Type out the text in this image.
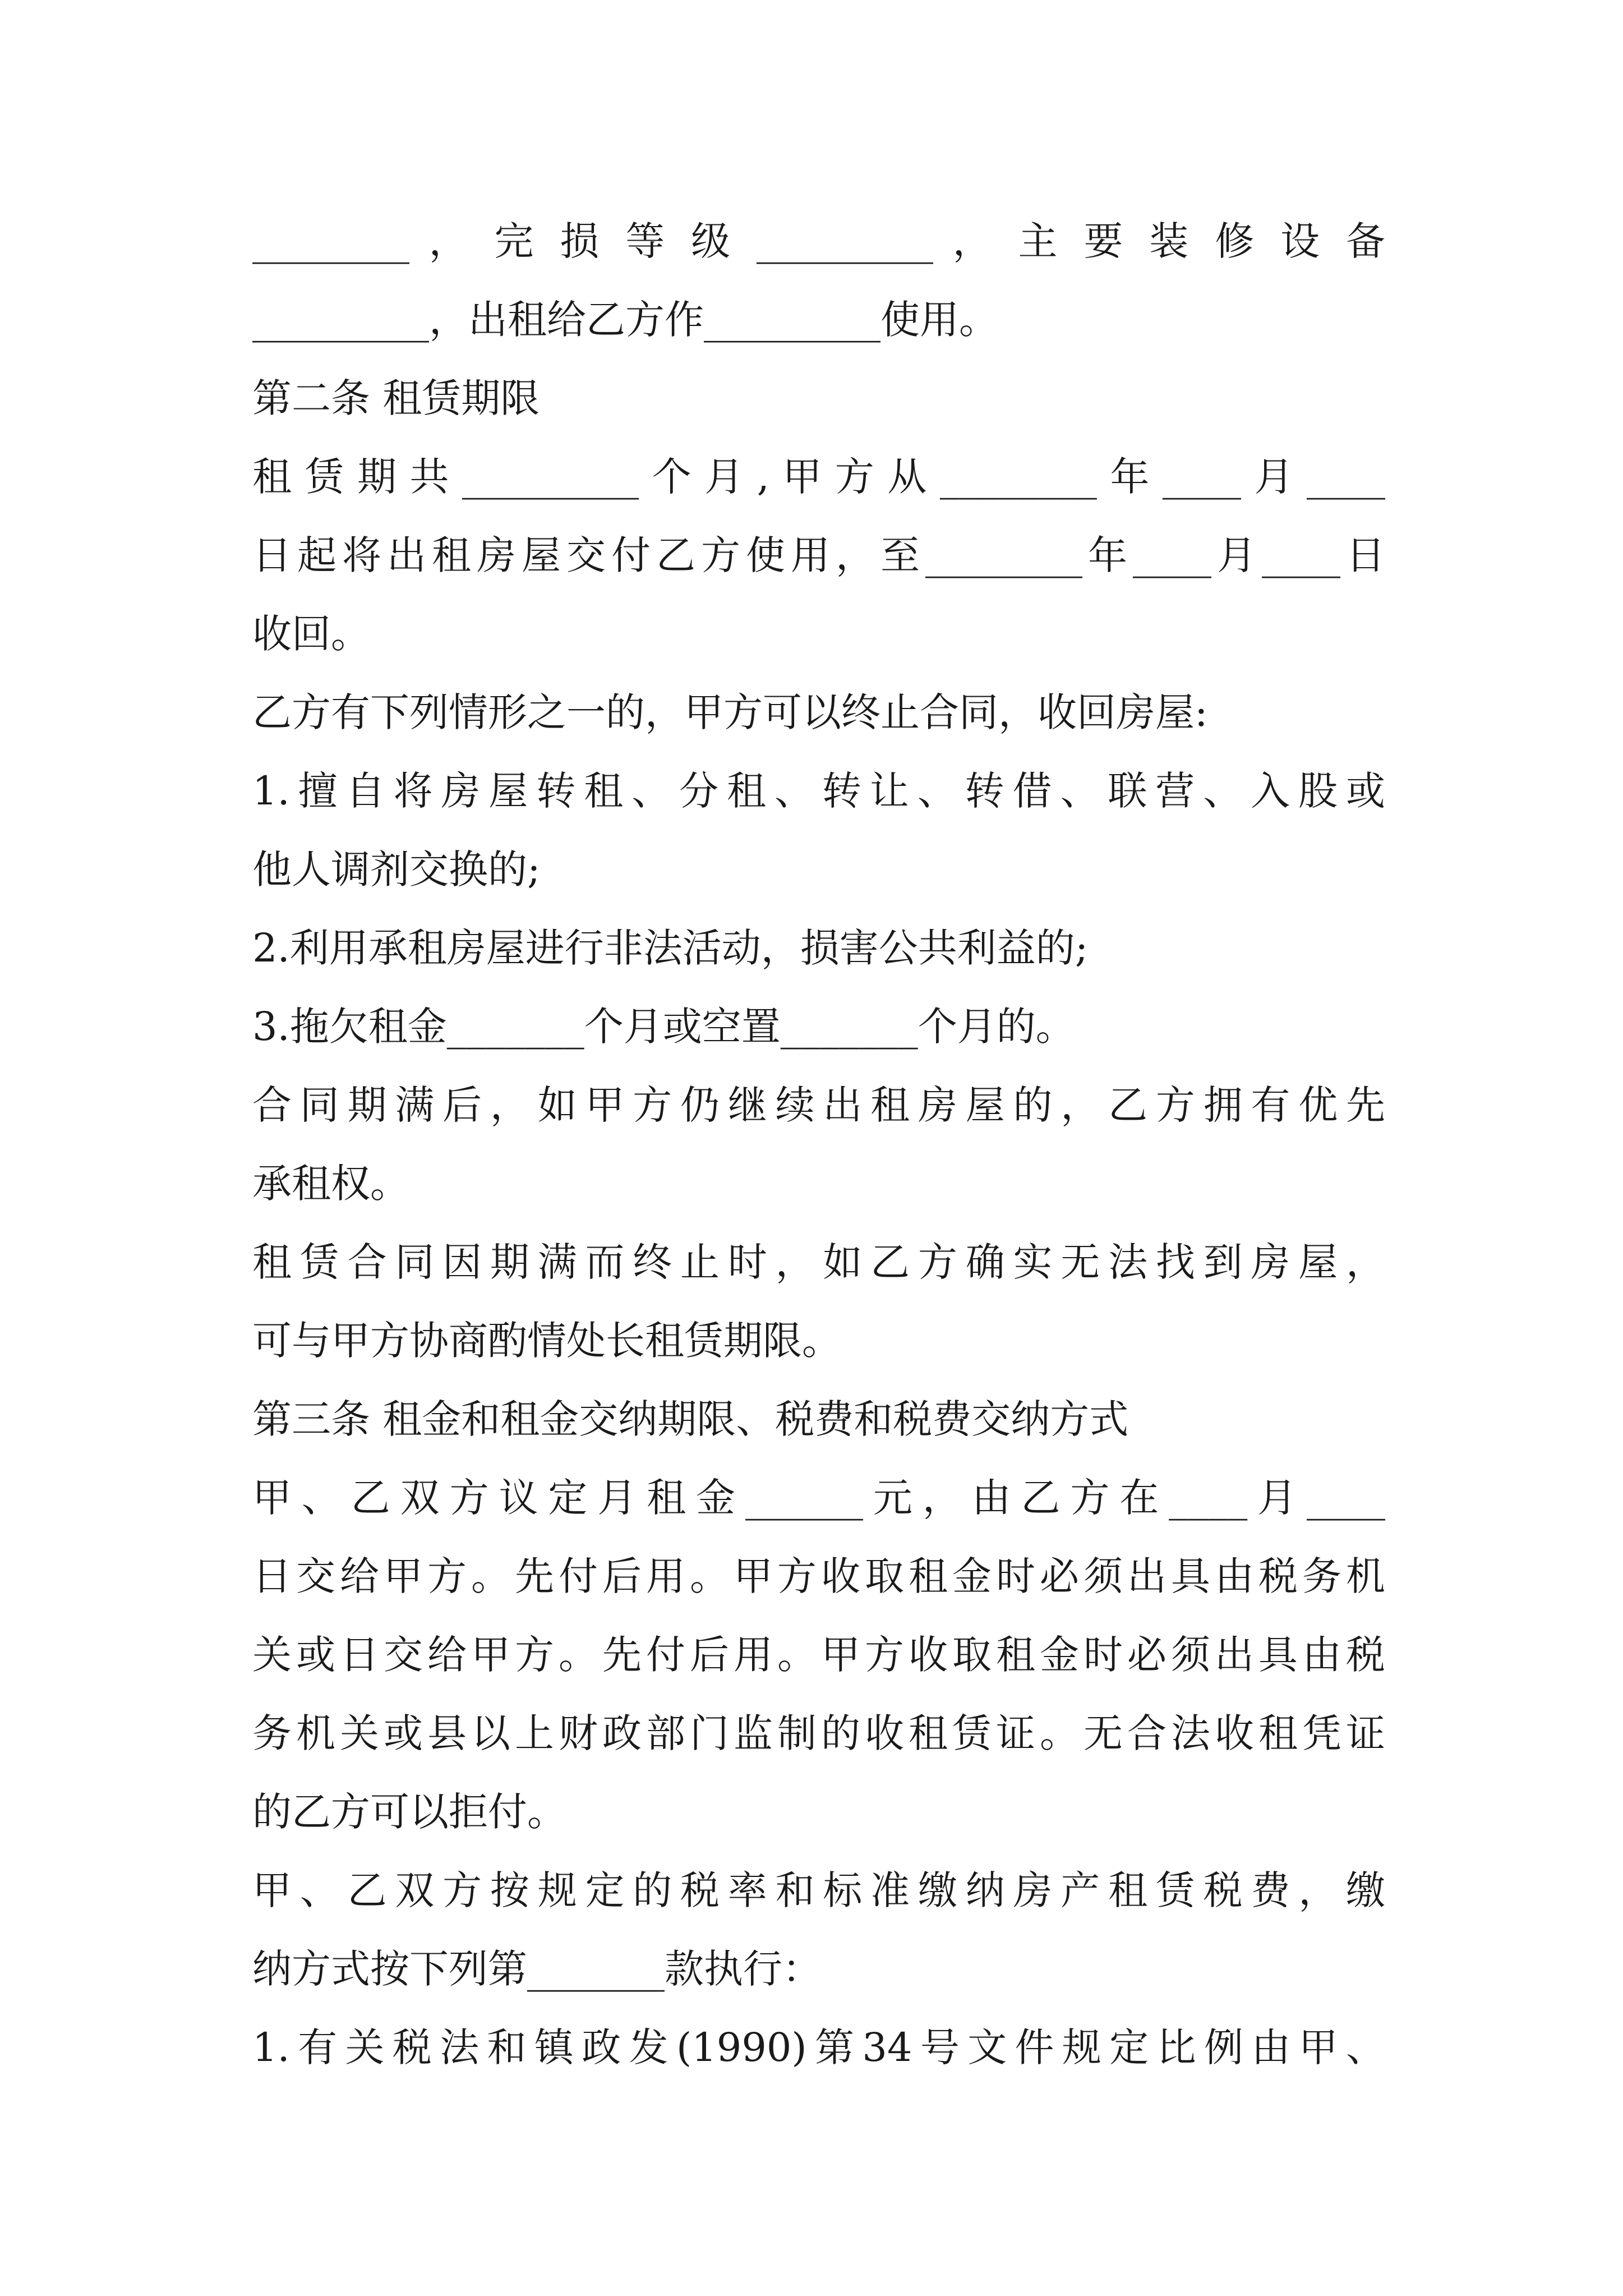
________ ， 完 损 等 级 _________ ， 主 要 装 修 设 备

_________，出租给乙方作_________使用。

第二条 租赁期限

租赁期共_________个月,甲方从________年____月____

日起将出租房屋交付乙方使用，至________年____月____日

收回。

乙方有下列情形之一的，甲方可以终止合同，收回房屋:

1.擅自将房屋转租、分租、转让、转借、联营、入股或

他人调剂交换的;

2.利用承租房屋进行非法活动，损害公共利益的;

3.拖欠租金_______个月或空置_______个月的。

合同期满后，如甲方仍继续出租房屋的，乙方拥有优先

承租权。

租赁合同因期满而终止时，如乙方确实无法找到房屋，

可与甲方协商酌情处长租赁期限。

第三条 租金和租金交纳期限、税费和税费交纳方式

甲、乙双方议定月租金______元，由乙方在____月____

日交给甲方。先付后用。甲方收取租金时必须出具由税务机

关或日交给甲方。先付后用。甲方收取租金时必须出具由税

务机关或县以上财政部门监制的收租赁证。无合法收租凭证

的乙方可以拒付。

甲、乙双方按规定的税率和标准缴纳房产租赁税费，缴

纳方式按下列第_______款执行：

1.有关税法和镇政发(1990)第34号文件规定比例由甲、
